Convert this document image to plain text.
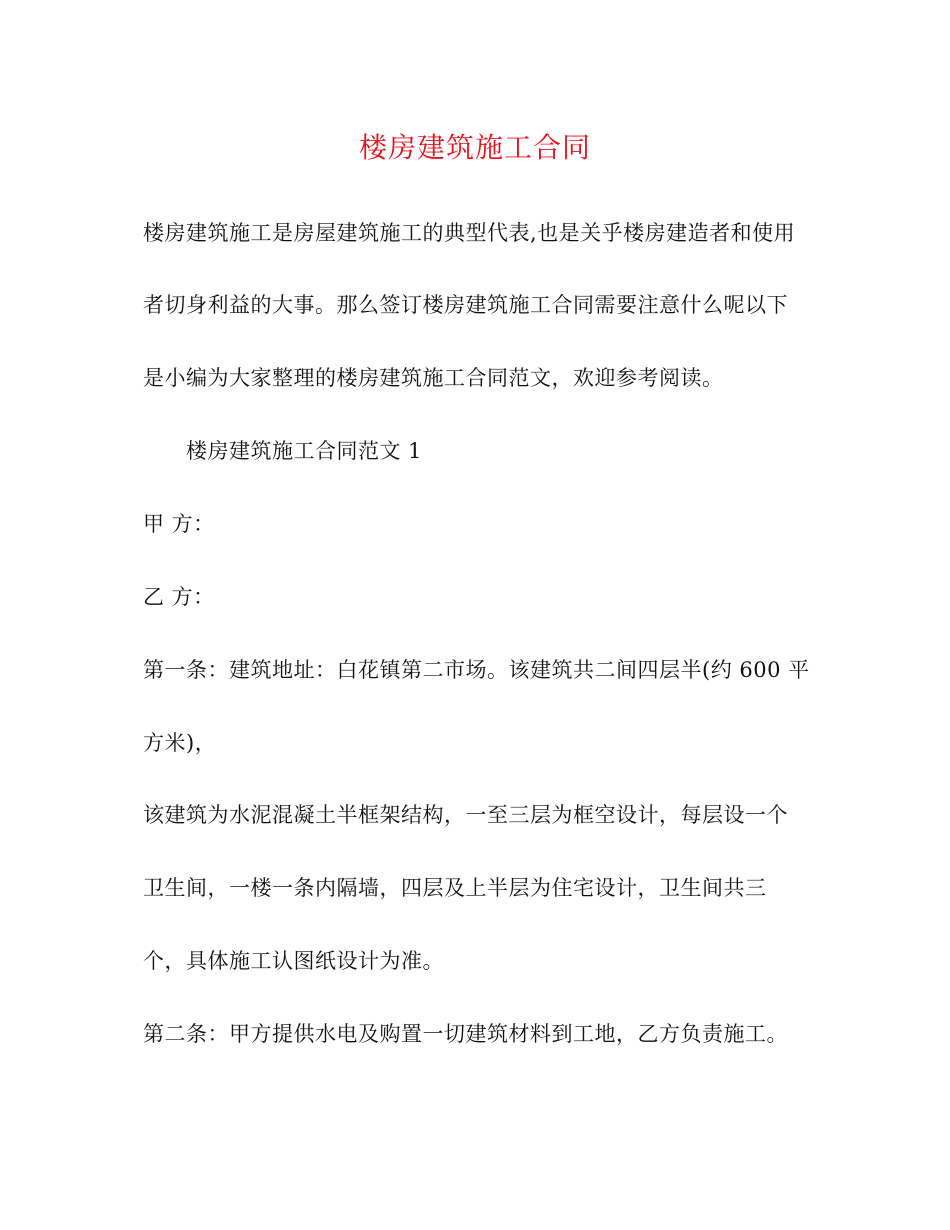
楼房建筑施工合同
楼房建筑施工是房屋建筑施工的典型代表,也是关乎楼房建造者和使用
者切身利益的大事。那么签订楼房建筑施工合同需要注意什么呢以下
是小编为大家整理的楼房建筑施工合同范文，欢迎参考阅读。
楼房建筑施工合同范文 1
甲 方：
乙 方：
第一条：建筑地址：白花镇第二市场。该建筑共二间四层半(约 600 平
方米)，
该建筑为水泥混凝土半框架结构，一至三层为框空设计，每层设一个
卫生间，一楼一条内隔墙，四层及上半层为住宅设计，卫生间共三
个，具体施工认图纸设计为准。
第二条：甲方提供水电及购置一切建筑材料到工地，乙方负责施工。
